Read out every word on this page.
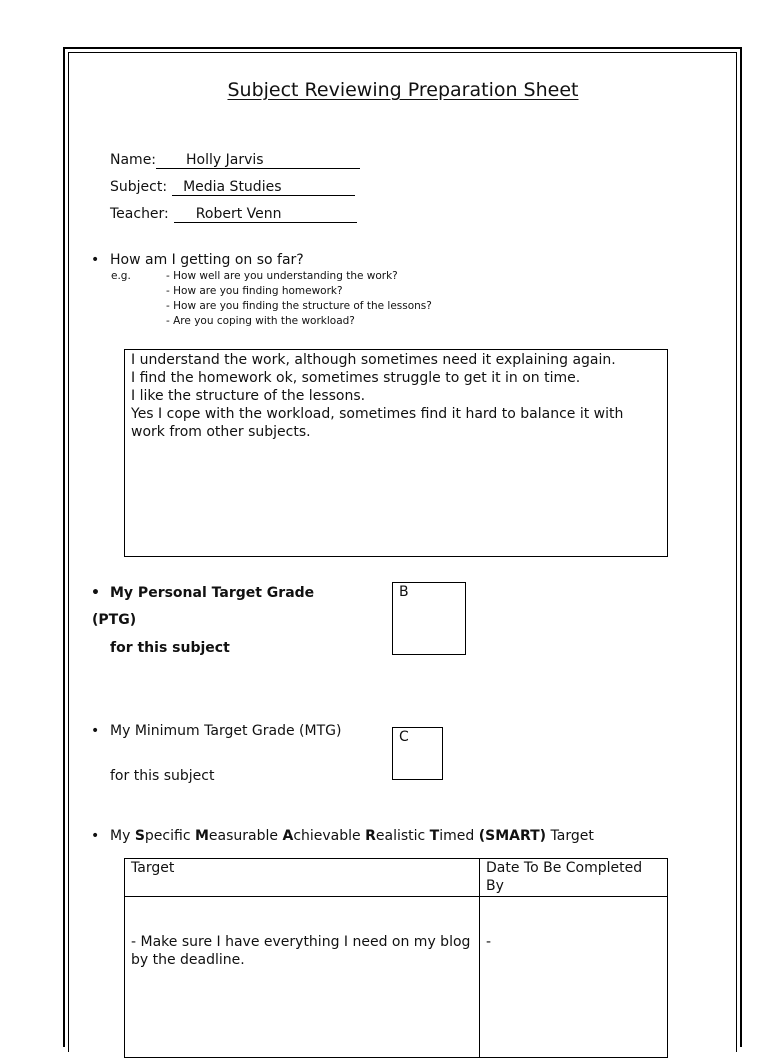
Subject Reviewing Preparation Sheet
Name: Holly Jarvis
Subject: Media Studies
Teacher: Robert Venn
• How am I getting on so far?
e.g.	- How well are you understanding the work?
- How are you finding homework?
- How are you finding the structure of the lessons?
- Are you coping with the workload?

I understand the work, although sometimes need it explaining again.

I find the homework ok, sometimes struggle to get it in on time.

I like the structure of the lessons.

Yes I cope with the workload, sometimes find it hard to balance it with work from other subjects.

• My Personal Target Grade
(PTG)
for this subject
B
• My Minimum Target Grade (MTG)
for this subject
C
• My Specific Measurable Achievable Realistic Timed (SMART) Target
Target	Date To Be Completed By
- Make sure I have everything I need on my blog by the deadline.	-
